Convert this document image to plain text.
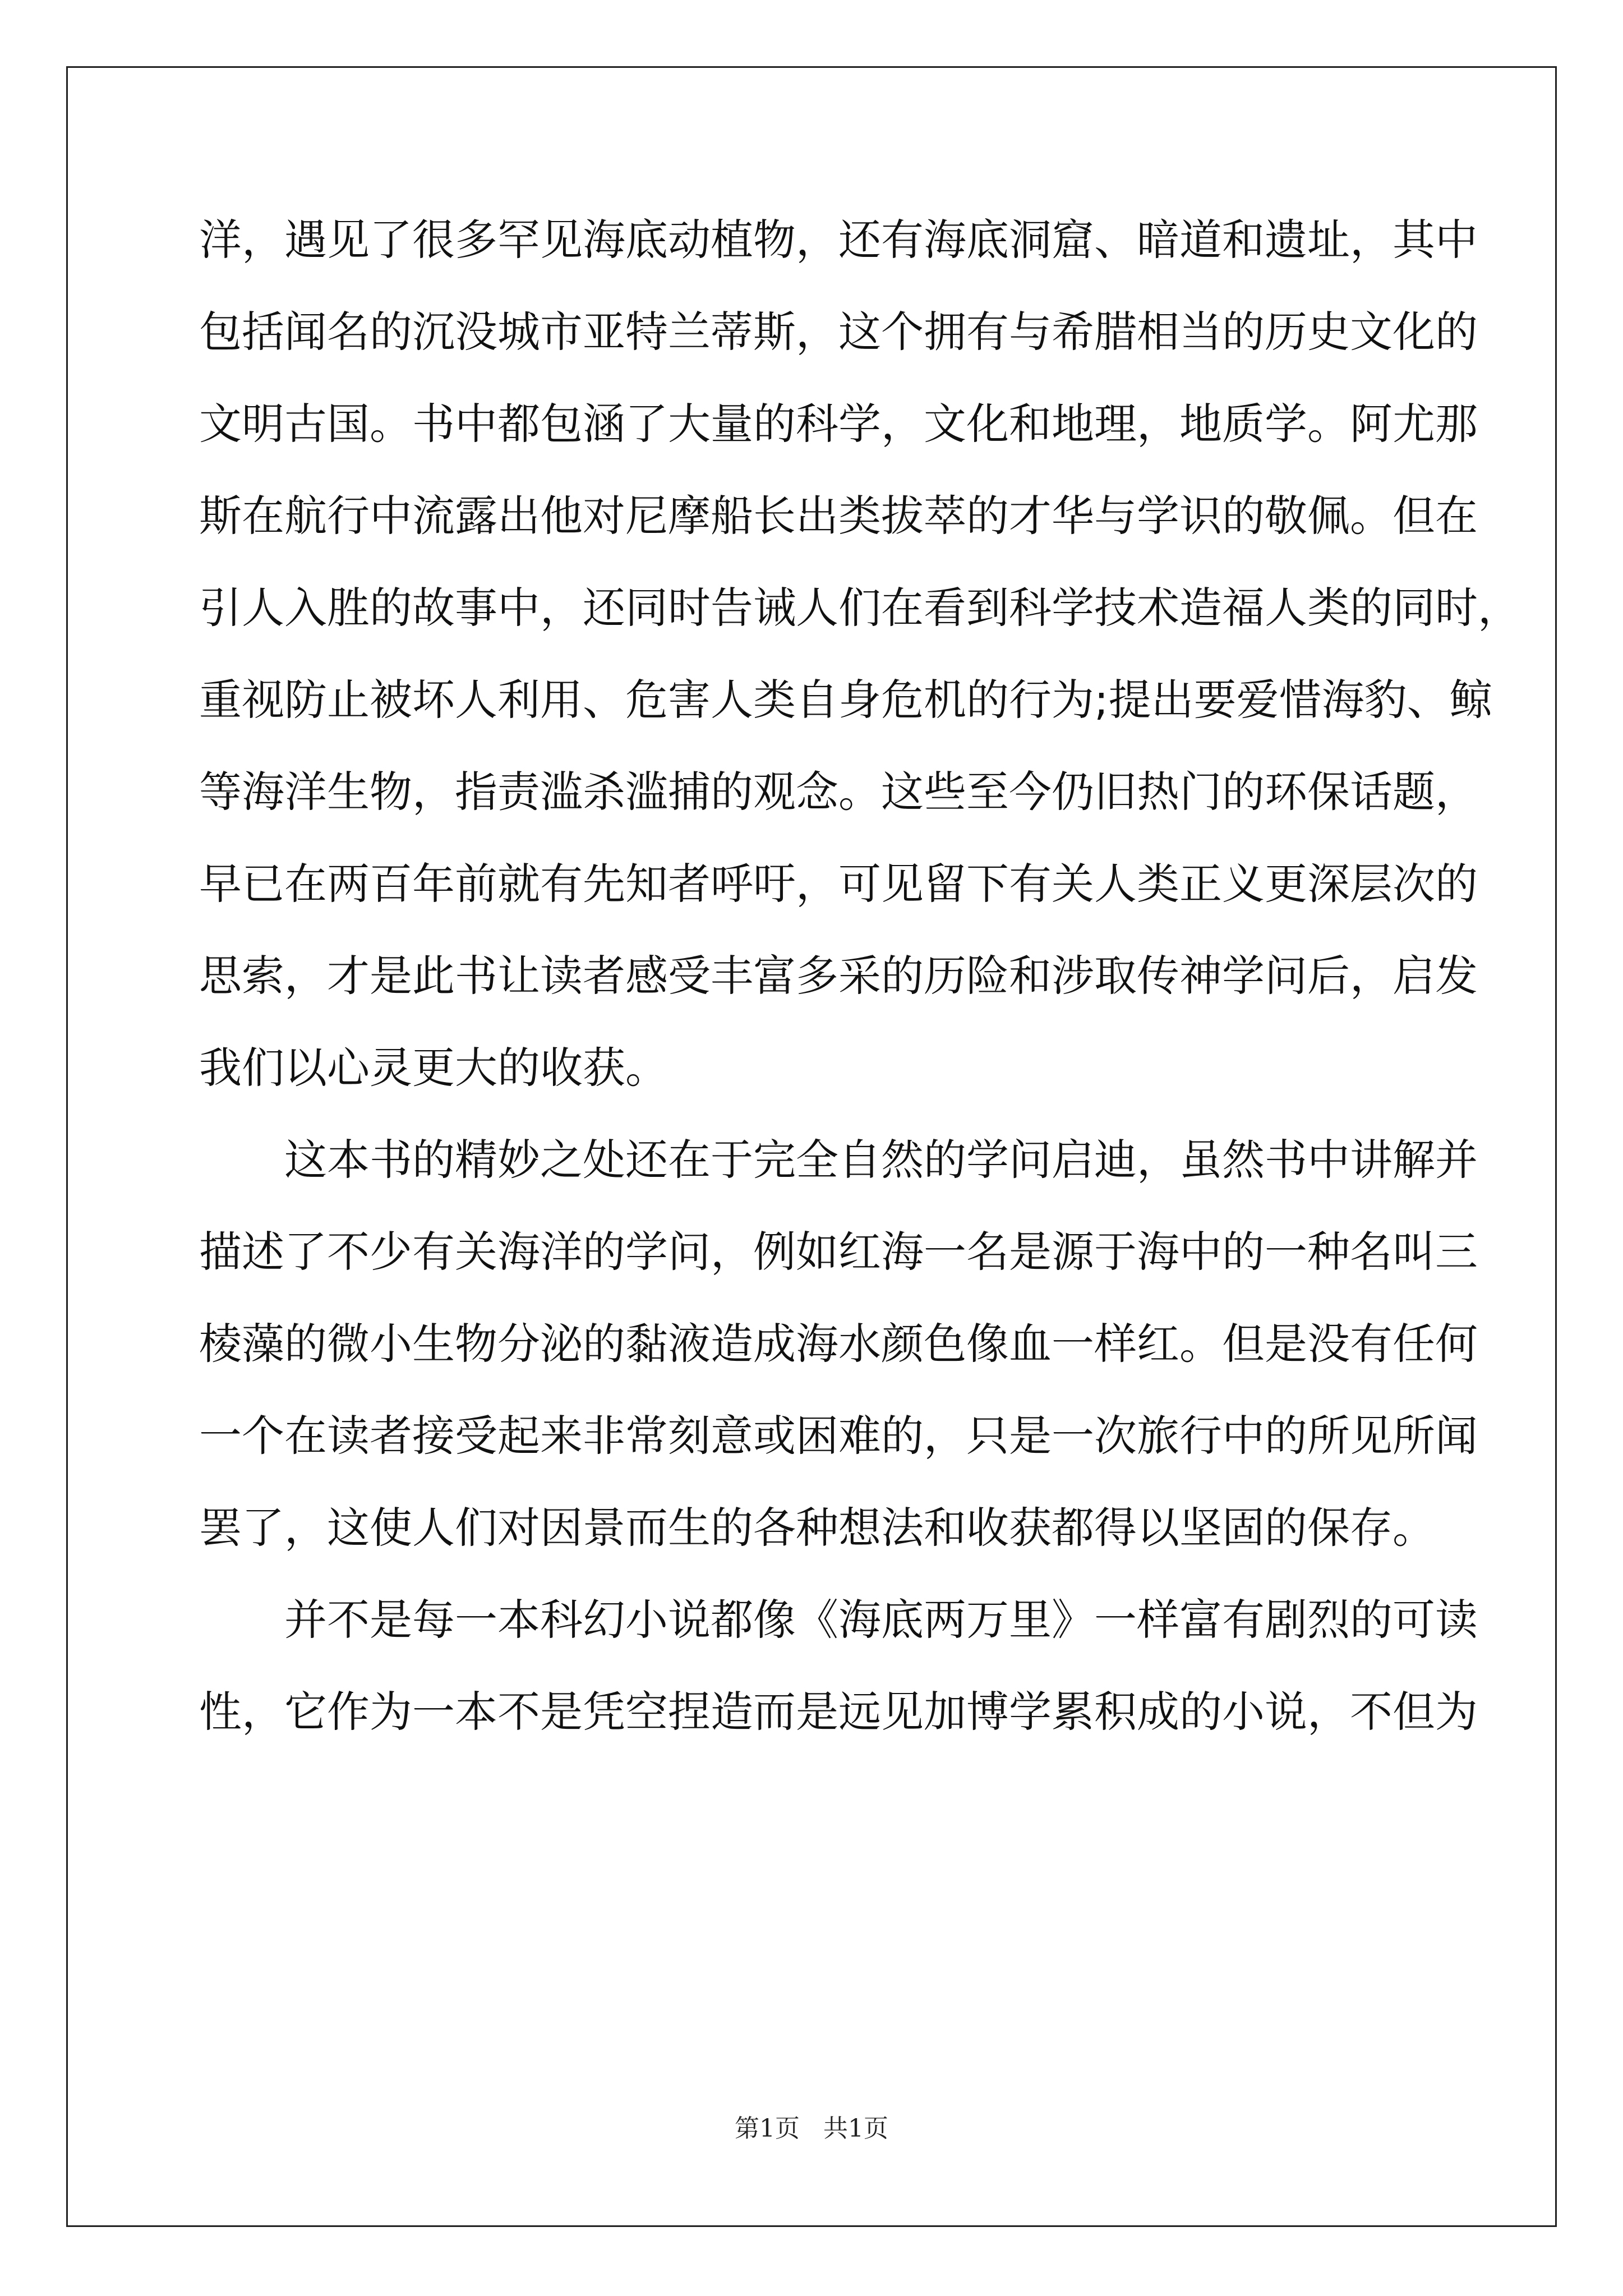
洋，遇见了很多罕见海底动植物，还有海底洞窟、暗道和遗址，其中
包括闻名的沉没城市亚特兰蒂斯，这个拥有与希腊相当的历史文化的
文明古国。书中都包涵了大量的科学，文化和地理，地质学。阿尤那
斯在航行中流露出他对尼摩船长出类拔萃的才华与学识的敬佩。但在
引人入胜的故事中，还同时告诫人们在看到科学技术造福人类的同时，
重视防止被坏人利用、危害人类自身危机的行为;提出要爱惜海豹、鲸
等海洋生物，指责滥杀滥捕的观念。这些至今仍旧热门的环保话题，
早已在两百年前就有先知者呼吁，可见留下有关人类正义更深层次的
思索，才是此书让读者感受丰富多采的历险和涉取传神学问后，启发
我们以心灵更大的收获。
这本书的精妙之处还在于完全自然的学问启迪，虽然书中讲解并
描述了不少有关海洋的学问，例如红海一名是源于海中的一种名叫三
棱藻的微小生物分泌的黏液造成海水颜色像血一样红。但是没有任何
一个在读者接受起来非常刻意或困难的，只是一次旅行中的所见所闻
罢了，这使人们对因景而生的各种想法和收获都得以坚固的保存。
并不是每一本科幻小说都像《海底两万里》一样富有剧烈的可读
性，它作为一本不是凭空捏造而是远见加博学累积成的小说，不但为
第1页   共1页
